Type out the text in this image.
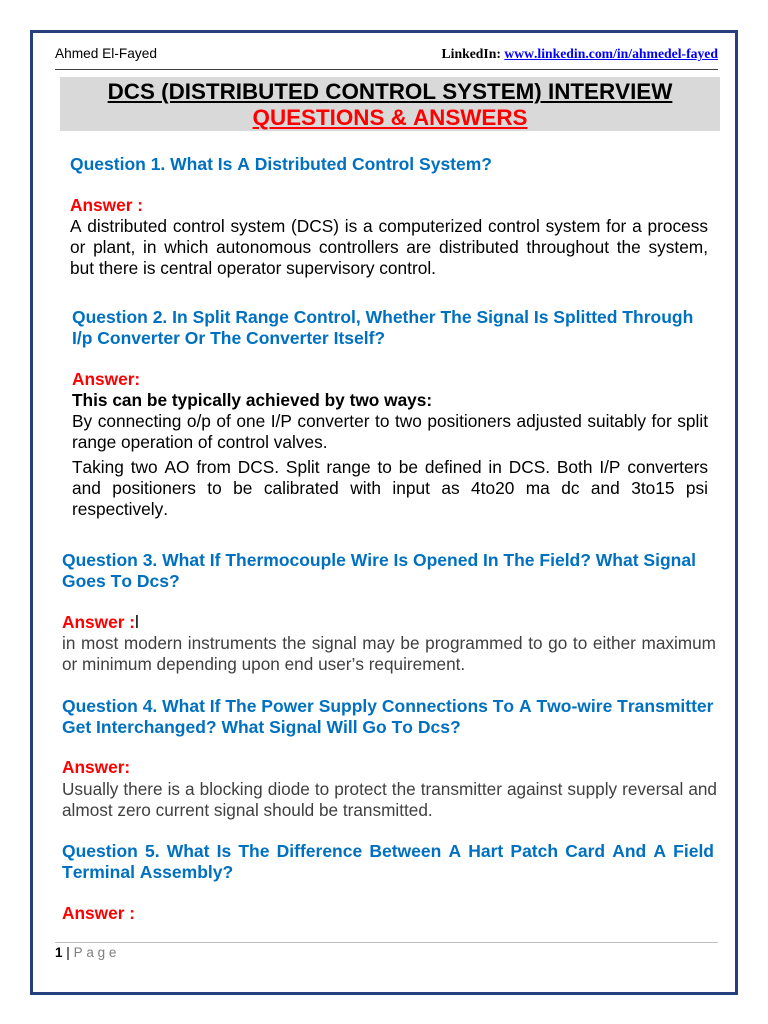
Ahmed El-Fayed	LinkedIn: www.linkedin.com/in/ahmedel-fayed
DCS (DISTRIBUTED CONTROL SYSTEM) INTERVIEW
QUESTIONS & ANSWERS
Question 1. What Is A Distributed Control System?
Answer :
A distributed control system (DCS) is a computerized control system for a process
or plant, in which autonomous controllers are distributed throughout the system,
but there is central operator supervisory control.
Question 2. In Split Range Control, Whether The Signal Is Splitted Through
I/p Converter Or The Converter Itself?
Answer:
This can be typically achieved by two ways:
By connecting o/p of one I/P converter to two positioners adjusted suitably for split
range operation of control valves.
Taking two AO from DCS. Split range to be defined in DCS. Both I/P converters
and positioners to be calibrated with input as 4to20 ma dc and 3to15 psi
respectively.
Question 3. What If Thermocouple Wire Is Opened In The Field? What Signal
Goes To Dcs?
Answer :l
in most modern instruments the signal may be programmed to go to either maximum
or minimum depending upon end user’s requirement.
Question 4. What If The Power Supply Connections To A Two-wire Transmitter
Get Interchanged? What Signal Will Go To Dcs?
Answer:
Usually there is a blocking diode to protect the transmitter against supply reversal and
almost zero current signal should be transmitted.
Question 5. What Is The Difference Between A Hart Patch Card And A Field
Terminal Assembly?
Answer :
1 | P a g e
